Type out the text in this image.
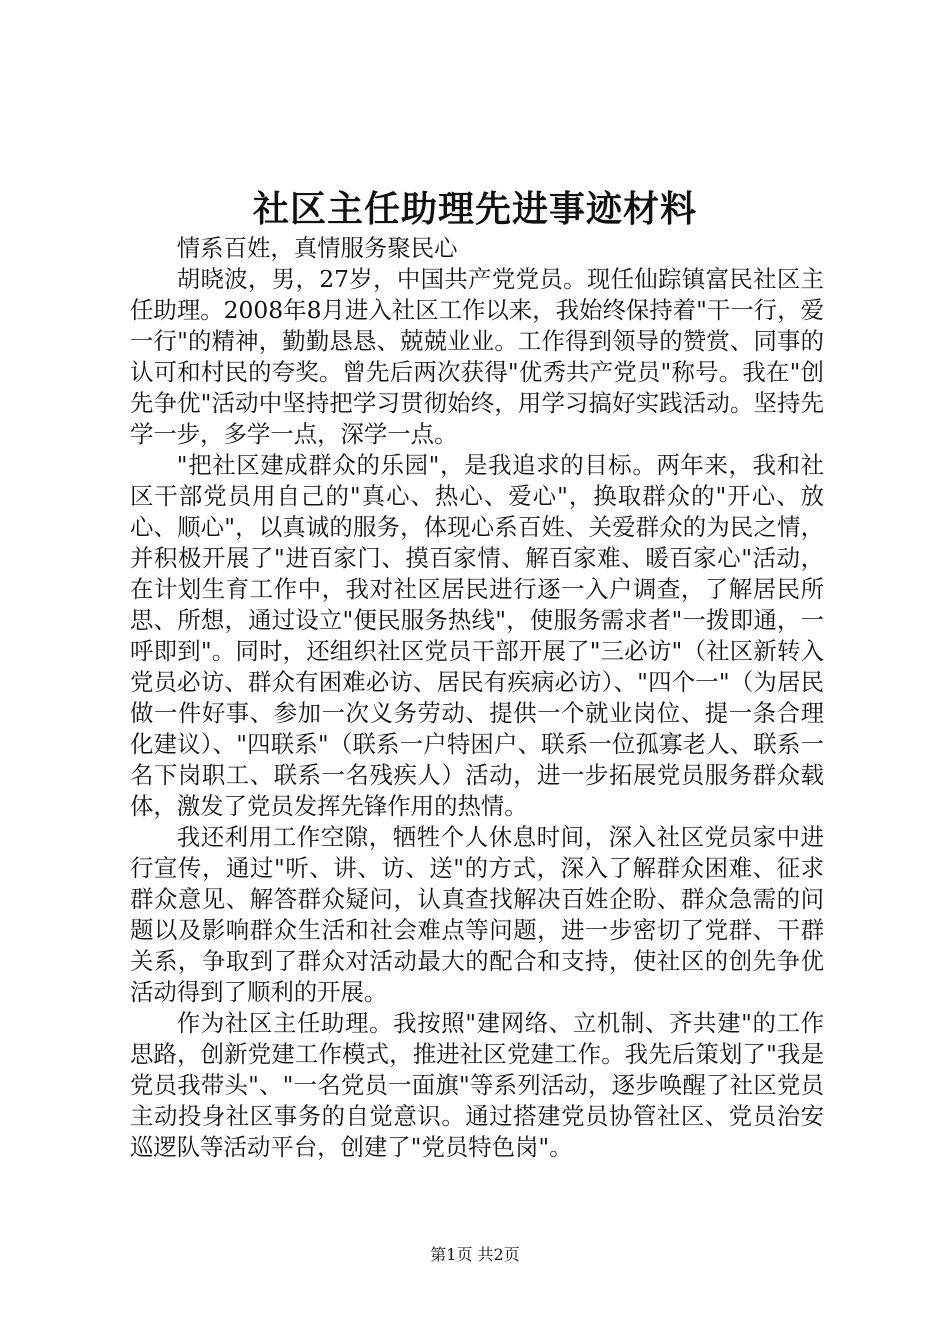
社区主任助理先进事迹材料

情系百姓，真情服务聚民心

胡晓波，男，27岁，中国共产党党员。现任仙踪镇富民社区主任助理。2008年8月进入社区工作以来，我始终保持着"干一行，爱一行"的精神，勤勤恳恳、兢兢业业。工作得到领导的赞赏、同事的认可和村民的夸奖。曾先后两次获得"优秀共产党员"称号。我在"创先争优"活动中坚持把学习贯彻始终，用学习搞好实践活动。坚持先学一步，多学一点，深学一点。

"把社区建成群众的乐园"，是我追求的目标。两年来，我和社区干部党员用自己的"真心、热心、爱心"，换取群众的"开心、放心、顺心"，以真诚的服务，体现心系百姓、关爱群众的为民之情，并积极开展了"进百家门、摸百家情、解百家难、暖百家心"活动，在计划生育工作中，我对社区居民进行逐一入户调查，了解居民所思、所想，通过设立"便民服务热线"，使服务需求者"一拨即通，一呼即到"。同时，还组织社区党员干部开展了"三必访"（社区新转入党员必访、群众有困难必访、居民有疾病必访）、"四个一"（为居民做一件好事、参加一次义务劳动、提供一个就业岗位、提一条合理化建议）、"四联系"（联系一户特困户、联系一位孤寡老人、联系一名下岗职工、联系一名残疾人）活动，进一步拓展党员服务群众载体，激发了党员发挥先锋作用的热情。

我还利用工作空隙，牺牲个人休息时间，深入社区党员家中进行宣传，通过"听、讲、访、送"的方式，深入了解群众困难、征求群众意见、解答群众疑问，认真查找解决百姓企盼、群众急需的问题以及影响群众生活和社会难点等问题，进一步密切了党群、干群关系，争取到了群众对活动最大的配合和支持，使社区的创先争优活动得到了顺利的开展。

作为社区主任助理。我按照"建网络、立机制、齐共建"的工作思路，创新党建工作模式，推进社区党建工作。我先后策划了"我是党员我带头"、"一名党员一面旗"等系列活动，逐步唤醒了社区党员主动投身社区事务的自觉意识。通过搭建党员协管社区、党员治安巡逻队等活动平台，创建了"党员特色岗"。

第1页 共2页
